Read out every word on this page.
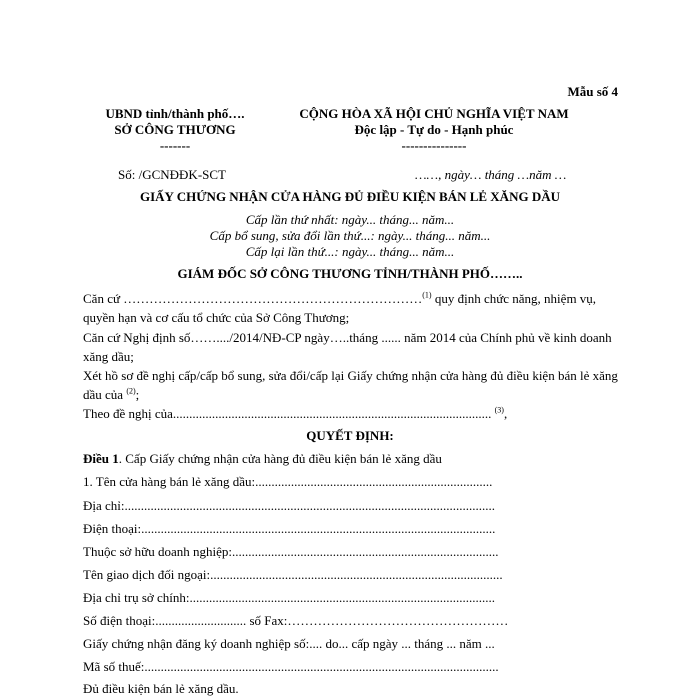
Mẫu số 4
UBND tỉnh/thành phố….
SỞ CÔNG THƯƠNG
-------
CỘNG HÒA XÃ HỘI CHỦ NGHĨA VIỆT NAM
Độc lập - Tự do - Hạnh phúc
---------------
Số: /GCNĐĐK-SCT	……, ngày… tháng …năm …
GIẤY CHỨNG NHẬN CỬA HÀNG ĐỦ ĐIỀU KIỆN BÁN LẺ XĂNG DẦU
Cấp lần thứ nhất: ngày... tháng... năm...
Cấp bổ sung, sửa đổi lần thứ...: ngày... tháng... năm...
Cấp lại lần thứ...: ngày... tháng... năm...
GIÁM ĐỐC SỞ CÔNG THƯƠNG TỈNH/THÀNH PHỐ……..
Căn cứ ……………………………………………………………$^{(1)}$ quy định chức năng, nhiệm vụ, quyền hạn và cơ cấu tổ chức của Sở Công Thương;
Căn cứ Nghị định số……..../2014/NĐ-CP ngày…..tháng ...... năm 2014 của Chính phủ về kinh doanh xăng dầu;
Xét hồ sơ đề nghị cấp/cấp bổ sung, sửa đổi/cấp lại Giấy chứng nhận cửa hàng đủ điều kiện bán lẻ xăng dầu của $^{(2)}$;
Theo đề nghị của.................................................................................................. $^{(3)}$,
QUYẾT ĐỊNH:
Điều 1. Cấp Giấy chứng nhận cửa hàng đủ điều kiện bán lẻ xăng dầu
1. Tên cửa hàng bán lẻ xăng dầu:.........................................................................
Địa chỉ:..................................................................................................................
Điện thoại:.............................................................................................................
Thuộc sở hữu doanh nghiệp:..................................................................................
Tên giao dịch đối ngoại:..........................................................................................
Địa chỉ trụ sở chính:..............................................................................................
Số điện thoại:............................ số Fax:……………………………………………
Giấy chứng nhận đăng ký doanh nghiệp số:.... do... cấp ngày ... tháng ... năm ...
Mã số thuế:.............................................................................................................
Đủ điều kiện bán lẻ xăng dầu.
